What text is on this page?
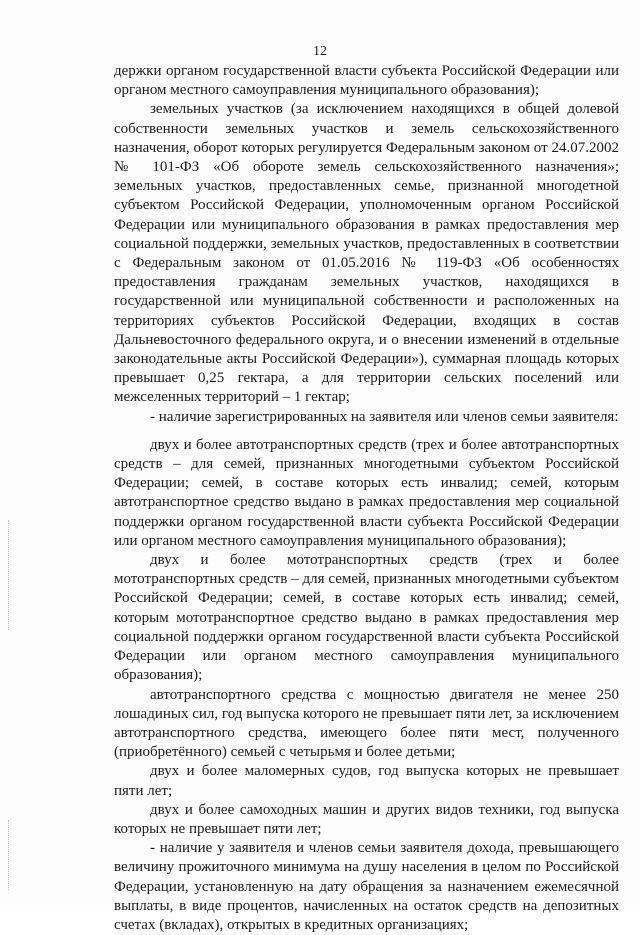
12

держки органом государственной власти субъекта Российской Федерации или органом местного самоуправления муниципального образования);

земельных участков (за исключением находящихся в общей долевой собственности земельных участков и земель сельскохозяйственного назначения, оборот которых регулируется Федеральным законом от 24.07.2002 № 101-ФЗ «Об обороте земель сельскохозяйственного назначения»; земельных участков, предоставленных семье, признанной многодетной субъектом Российской Федерации, уполномоченным органом Российской Федерации или муниципального образования в рамках предоставления мер социальной поддержки, земельных участков, предоставленных в соответствии с Федеральным законом от 01.05.2016 № 119-ФЗ «Об особенностях предоставления гражданам земельных участков, находящихся в государственной или муниципальной собственности и расположенных на территориях субъектов Российской Федерации, входящих в состав Дальневосточного федерального округа, и о внесении изменений в отдельные законодательные акты Российской Федерации»), суммарная площадь которых превышает 0,25 гектара, а для территории сельских поселений или межселенных территорий – 1 гектар;

- наличие зарегистрированных на заявителя или членов семьи заявителя:

двух и более автотранспортных средств (трех и более автотранспортных средств – для семей, признанных многодетными субъектом Российской Федерации; семей, в составе которых есть инвалид; семей, которым автотранспортное средство выдано в рамках предоставления мер социальной поддержки органом государственной власти субъекта Российской Федерации или органом местного самоуправления муниципального образования);

двух и более мототранспортных средств (трех и более мототранспортных средств – для семей, признанных многодетными субъектом Российской Федерации; семей, в составе которых есть инвалид; семей, которым мототранспортное средство выдано в рамках предоставления мер социальной поддержки органом государственной власти субъекта Российской Федерации или органом местного самоуправления муниципального образования);

автотранспортного средства с мощностью двигателя не менее 250 лошадиных сил, год выпуска которого не превышает пяти лет, за исключением автотранспортного средства, имеющего более пяти мест, полученного (приобретённого) семьей с четырьмя и более детьми;

двух и более маломерных судов, год выпуска которых не превышает пяти лет;

двух и более самоходных машин и других видов техники, год выпуска которых не превышает пяти лет;

- наличие у заявителя и членов семьи заявителя дохода, превышающего величину прожиточного минимума на душу населения в целом по Российской Федерации, установленную на дату обращения за назначением ежемесячной выплаты, в виде процентов, начисленных на остаток средств на депозитных счетах (вкладах), открытых в кредитных организациях;
